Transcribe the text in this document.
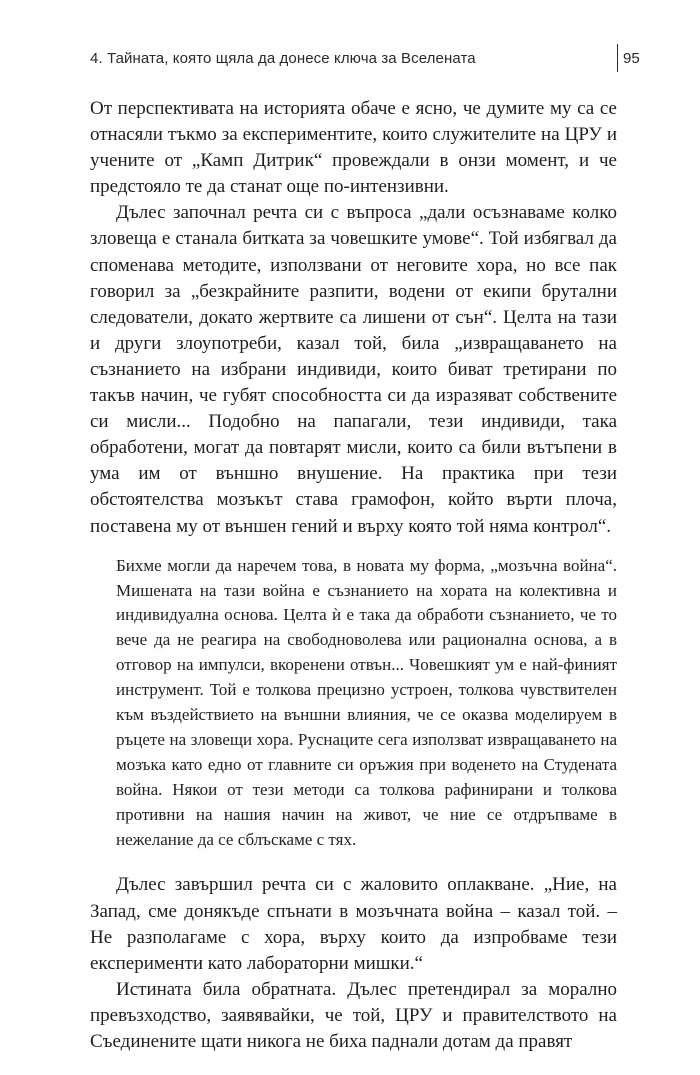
4. Тайната, която щяла да донесе ключа за Вселената	95

От перспективата на историята обаче е ясно, че думите му са се отнасяли тъкмо за експериментите, които служителите на ЦРУ и учените от „Камп Дитрик“ провеждали в онзи момент, и че предстояло те да станат още по-интензивни.

Дълес започнал речта си с въпроса „дали осъзнаваме колко зловеща е станала битката за човешките умове“. Той избягвал да споменава методите, използвани от неговите хора, но все пак говорил за „безкрайните разпити, водени от екипи брутални следователи, докато жертвите са лишени от сън“. Целта на тази и други злоупотреби, казал той, била „извращаването на съзнанието на избрани индивиди, които биват третирани по такъв начин, че губят способността си да изразяват собствените си мисли... Подобно на папагали, тези индивиди, така обработени, могат да повтарят мисли, които са били вътъпени в ума им от външно внушение. На практика при тези обстоятелства мозъкът става грамофон, който върти плоча, поставена му от външен гений и върху която той няма контрол“.

Бихме могли да наречем това, в новата му форма, „мозъчна война“. Мишената на тази война е съзнанието на хората на колективна и индивидуална основа. Целта ѝ е така да обработи съзнанието, че то вече да не реагира на свободноволева или рационална основа, а в отговор на импулси, вкоренени отвън... Човешкият ум е най-финият инструмент. Той е толкова прецизно устроен, толкова чувствителен към въздействието на външни влияния, че се оказва моделируем в ръцете на зловещи хора. Руснаците сега използват извращаването на мозъка като едно от главните си оръжия при воденето на Студената война. Някои от тези методи са толкова рафинирани и толкова противни на нашия начин на живот, че ние се отдръпваме в нежелание да се сблъскаме с тях.

Дълес завършил речта си с жаловито оплакване. „Ние, на Запад, сме донякъде спънати в мозъчната война – казал той. – Не разполагаме с хора, върху които да изпробваме тези експерименти като лабораторни мишки.“

Истината била обратната. Дълес претендирал за морално превъзходство, заявявайки, че той, ЦРУ и правителството на Съединените щати никога не биха паднали дотам да правят
